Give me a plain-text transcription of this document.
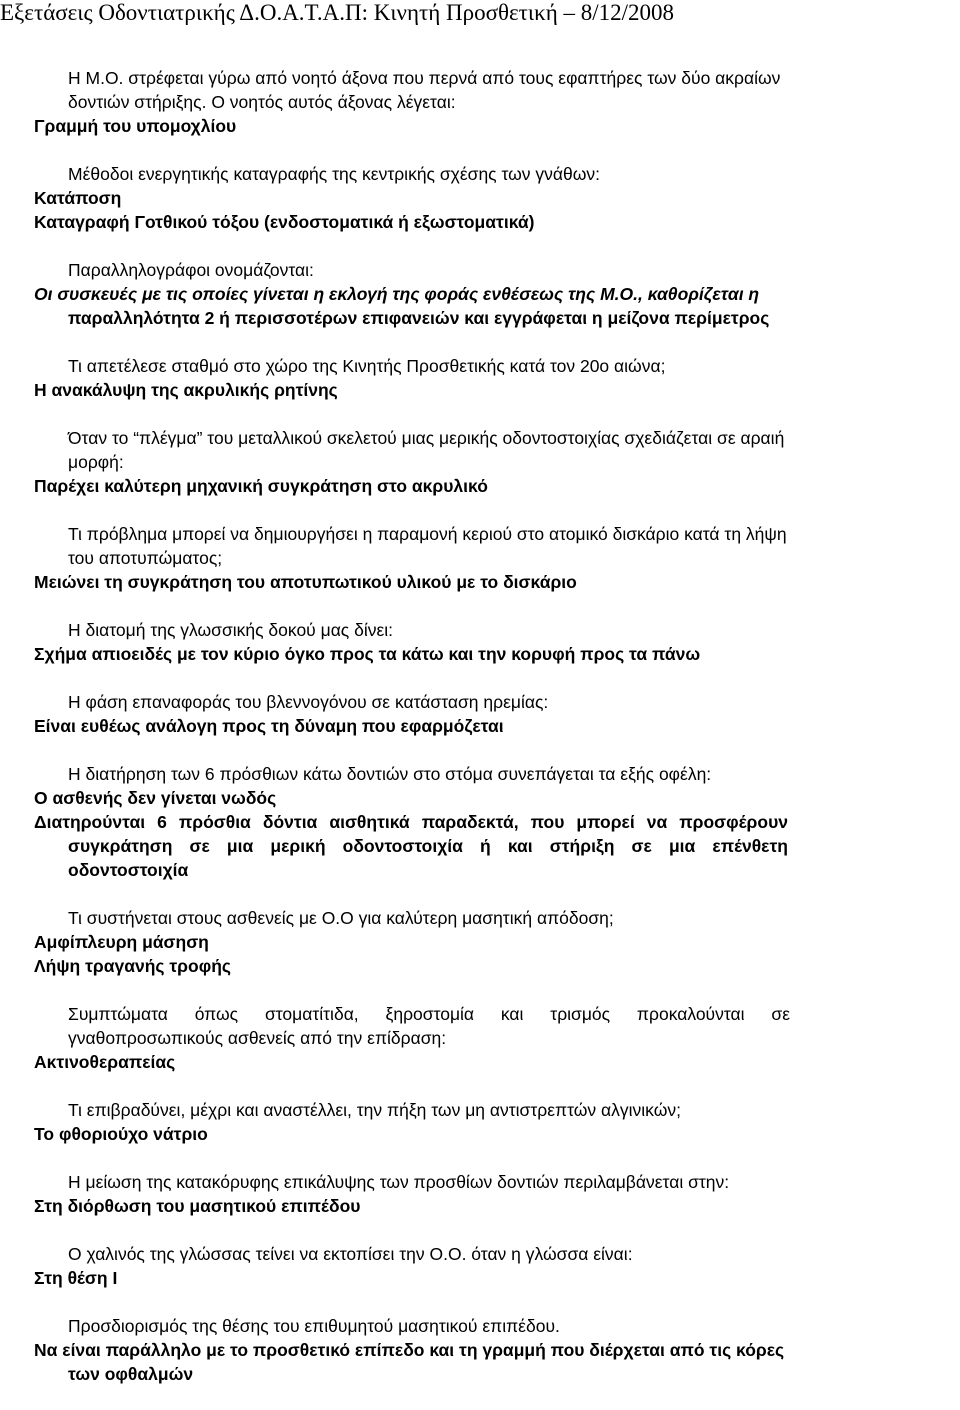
Εξετάσεις Οδοντιατρικής Δ.Ο.Α.Τ.Α.Π: Κινητή Προσθετική – 8/12/2008
Η Μ.Ο. στρέφεται γύρω από νοητό άξονα που περνά από τους εφαπτήρες των δύο ακραίων δοντιών στήριξης. Ο νοητός αυτός άξονας λέγεται:
Γραμμή του υπομοχλίου
Μέθοδοι ενεργητικής καταγραφής της κεντρικής σχέσης των γνάθων:
Κατάποση
Καταγραφή Γοτθικού τόξου (ενδοστοματικά ή εξωστοματικά)
Παραλληλογράφοι ονομάζονται:
Οι συσκευές με τις οποίες γίνεται η εκλογή της φοράς ενθέσεως της Μ.Ο., καθορίζεται η
παραλληλότητα 2 ή περισσοτέρων επιφανειών και εγγράφεται η μείζονα περίμετρος
Τι απετέλεσε σταθμό στο χώρο της Κινητής Προσθετικής κατά τον 20ο αιώνα;
Η ανακάλυψη της ακρυλικής ρητίνης
Όταν το “πλέγμα” του μεταλλικού σκελετού μιας μερικής οδοντοστοιχίας σχεδιάζεται σε αραιή μορφή:
Παρέχει καλύτερη μηχανική συγκράτηση στο ακρυλικό
Τι πρόβλημα μπορεί να δημιουργήσει η παραμονή κεριού στο ατομικό δισκάριο κατά τη λήψη του αποτυπώματος;
Μειώνει τη συγκράτηση του αποτυπωτικού υλικού με το δισκάριο
Η διατομή της γλωσσικής δοκού μας δίνει:
Σχήμα απιοειδές με τον κύριο όγκο προς τα κάτω και την κορυφή προς τα πάνω
Η φάση επαναφοράς του βλεννογόνου σε κατάσταση ηρεμίας:
Είναι ευθέως ανάλογη προς τη δύναμη που εφαρμόζεται
Η διατήρηση των 6 πρόσθιων κάτω δοντιών στο στόμα συνεπάγεται τα εξής οφέλη:
Ο ασθενής δεν γίνεται νωδός
Διατηρούνται 6 πρόσθια δόντια αισθητικά παραδεκτά, που μπορεί να προσφέρουν συγκράτηση σε μια μερική οδοντοστοιχία ή και στήριξη σε μια επένθετη οδοντοστοιχία
Τι συστήνεται στους ασθενείς με Ο.Ο για καλύτερη μασητική απόδοση;
Αμφίπλευρη μάσηση
Λήψη τραγανής τροφής
Συμπτώματα όπως στοματίτιδα, ξηροστομία και τρισμός προκαλούνται σε γναθοπροσωπικούς ασθενείς από την επίδραση:
Ακτινοθεραπείας
Τι επιβραδύνει, μέχρι και αναστέλλει, την πήξη των μη αντιστρεπτών αλγινικών;
Το φθοριούχο νάτριο
Η μείωση της κατακόρυφης επικάλυψης των προσθίων δοντιών περιλαμβάνεται στην:
Στη διόρθωση του μασητικού επιπέδου
Ο χαλινός της γλώσσας τείνει να εκτοπίσει την Ο.Ο. όταν η γλώσσα είναι:
Στη θέση Ι
Προσδιορισμός της θέσης του επιθυμητού μασητικού επιπέδου.
Να είναι παράλληλο με το προσθετικό επίπεδο και τη γραμμή που διέρχεται από τις κόρες των οφθαλμών
